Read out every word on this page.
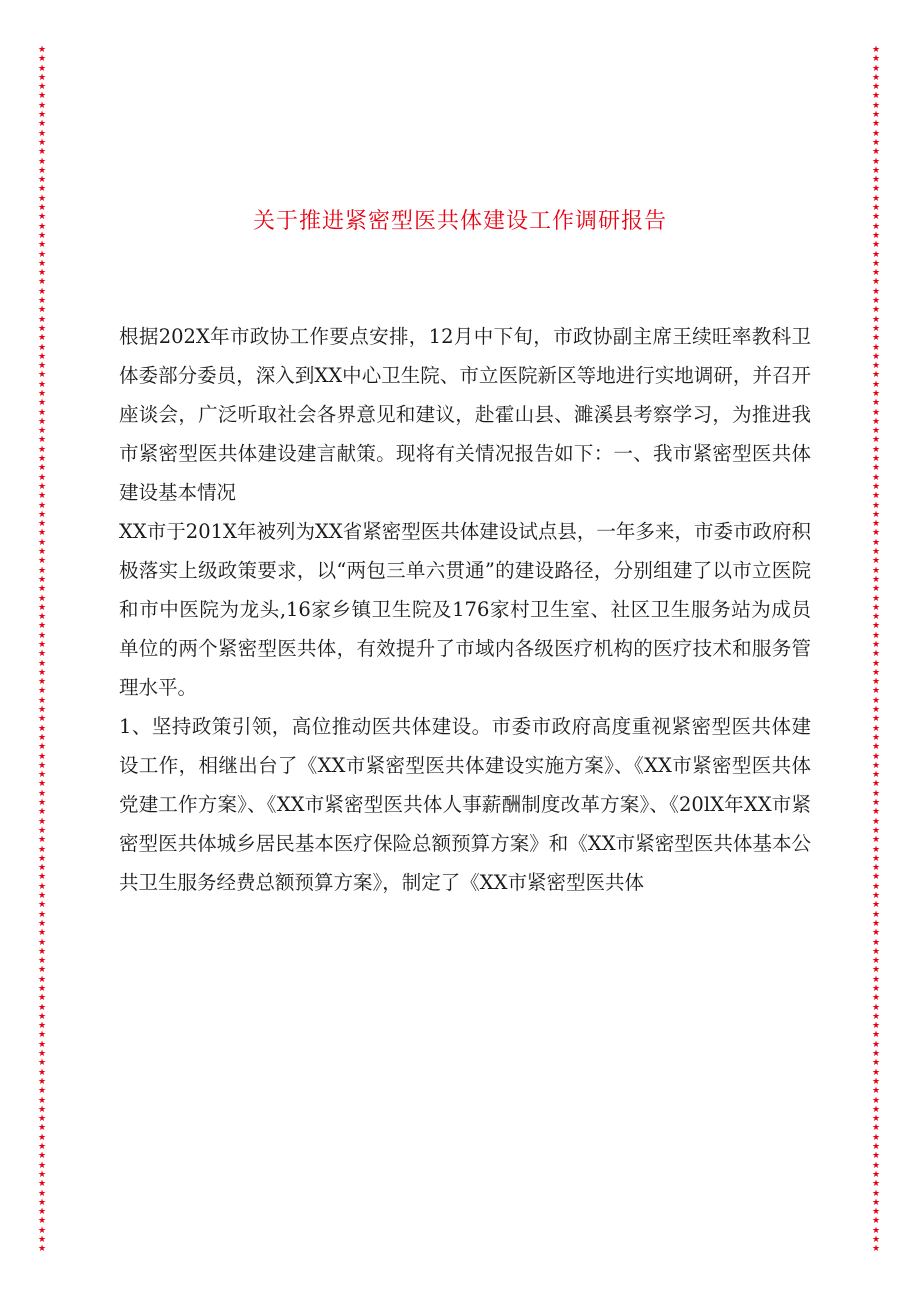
★
★
★
★
★
★
★
★
★
★
★
★
★
★
★
★
★
★
★
★
★
★
★
★
★
★
★
★
★
★
★
★
★
★
★
★
★
★
★
★
★
★
★
★
★
★
★
★
★
★
★
★
★
★
★
★
★
★
★
★
★
★
★
★
★
★
★
★
★
★
★
★
★
★
★
★
★
★
★
★
★
★
★
★
★
★
★
★
★
★
★
★
★
★
★
★
★
★
★
★
★
★
★
★
★
★
★
★
★
★
★
★
★
★
★
★
★
★
★
★
★
★
★
★
★
★
★
★
★
★
★
★
★
★
★
★
★
★
★
★
★
★
★
★
★
★
★
★
★
★
★
★
★
★
★
★
★
★
★
★
★
★
★
★
★
★
★
★
★
★
★
★
★
★
★
★
★
★
★
★
★
★
★
★
★
★
★
★
★
★
★
★
★
★
★
★
★
★
★
★
★
★
★
★
★
★
★
★
★
★
★
★
★
★
★
★
★
★
★
★
★
★
★
★
★
★
★
★
★
★
★
★
★
★
★
★
★
★
★
★
★
★
★
★
★
★
★
★
★
★
★
★
★
★
★
★
★
★
★
★
关于推进紧密型医共体建设工作调研报告

根据202X年市政协工作要点安排，12月中下旬，市政协副主席王续旺率教科卫体委部分委员，深入到XX中心卫生院、市立医院新区等地进行实地调研，并召开座谈会，广泛听取社会各界意见和建议，赴霍山县、濉溪县考察学习，为推进我市紧密型医共体建设建言献策。现将有关情况报告如下：一、我市紧密型医共体建设基本情况

XX市于201X年被列为XX省紧密型医共体建设试点县，一年多来，市委市政府积极落实上级政策要求，以“两包三单六贯通”的建设路径，分别组建了以市立医院和市中医院为龙头,16家乡镇卫生院及176家村卫生室、社区卫生服务站为成员单位的两个紧密型医共体，有效提升了市域内各级医疗机构的医疗技术和服务管理水平。

1、坚持政策引领，高位推动医共体建设。市委市政府高度重视紧密型医共体建设工作，相继出台了《XX市紧密型医共体建设实施方案》、《XX市紧密型医共体党建工作方案》、《XX市紧密型医共体人事薪酬制度改革方案》、《20lX年XX市紧密型医共体城乡居民基本医疗保险总额预算方案》和《XX市紧密型医共体基本公共卫生服务经费总额预算方案》，制定了《XX市紧密型医共体
